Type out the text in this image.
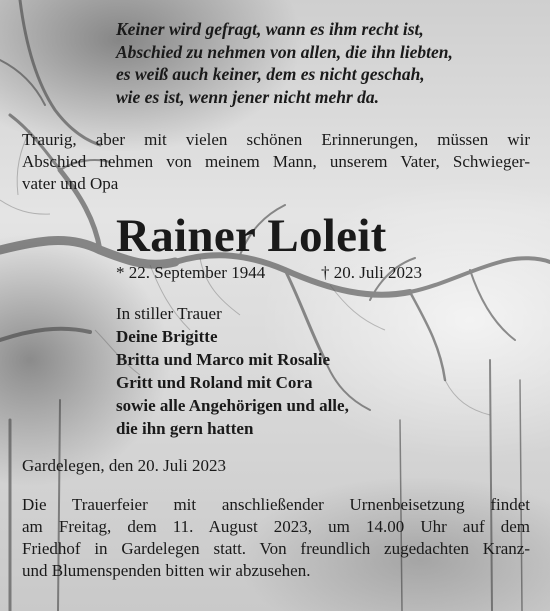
Keiner wird gefragt, wann es ihm recht ist,
Abschied zu nehmen von allen, die ihn liebten,
es weiß auch keiner, dem es nicht geschah,
wie es ist, wenn jener nicht mehr da.
Traurig, aber mit vielen schönen Erinnerungen, müssen wir
Abschied nehmen von meinem Mann, unserem Vater, Schwieger-
vater und Opa
Rainer Loleit
* 22. September 1944	† 20. Juli 2023
In stiller Trauer
Deine Brigitte
Britta und Marco mit Rosalie
Gritt und Roland mit Cora
sowie alle Angehörigen und alle,
die ihn gern hatten
Gardelegen, den 20. Juli 2023
Die Trauerfeier mit anschließender Urnenbeisetzung findet
am Freitag, dem 11. August 2023, um 14.00 Uhr auf dem
Friedhof in Gardelegen statt. Von freundlich zugedachten Kranz-
und Blumenspenden bitten wir abzusehen.
